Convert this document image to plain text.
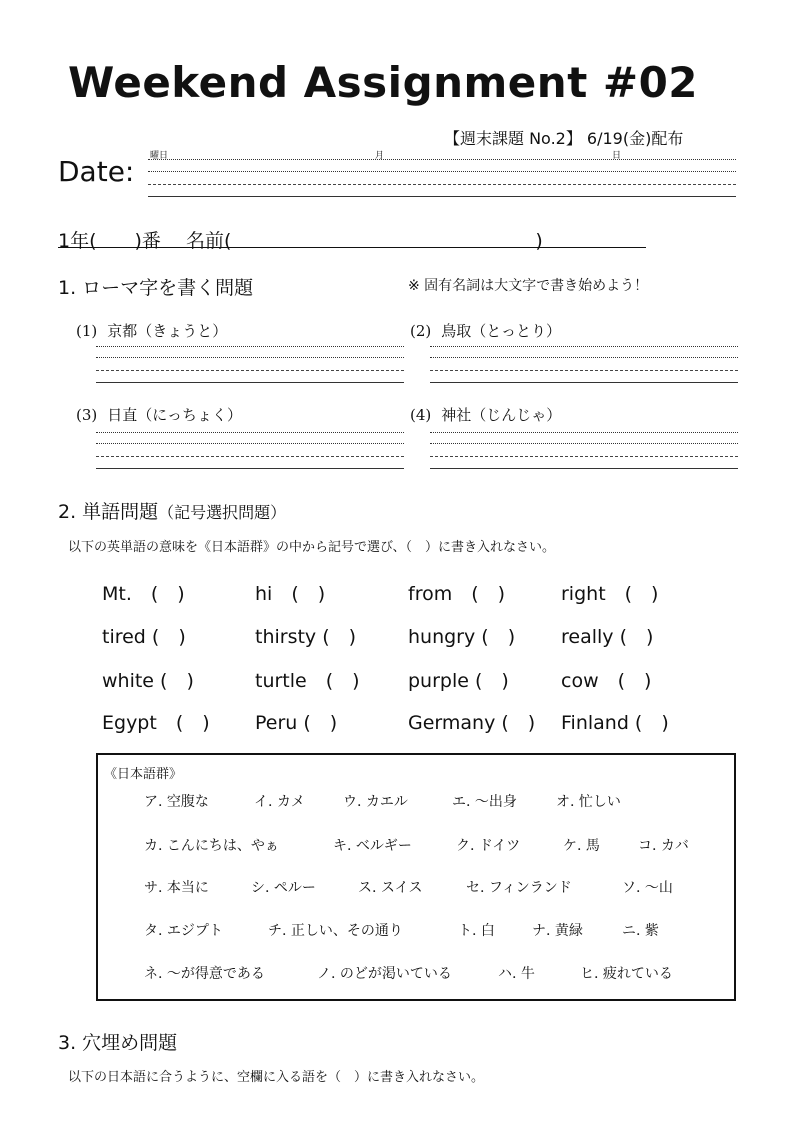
Weekend Assignment #02
【週末課題 No.2】 6/19(金)配布
Date: 曜日	月	日
1年(　　)番　 名前(　　　　　　　　　　　　　　　　)
1. ローマ字を書く問題	※ 固有名詞は大文字で書き始めよう！
(1) 京都（きょうと）	(2) 鳥取（とっとり）
(3) 日直（にっちょく）	(4) 神社（じんじゃ）
2. 単語問題（記号選択問題）
以下の英単語の意味を《日本語群》の中から記号で選び、（　）に書き入れなさい。
Mt.　(　)	hi　(　)	from　(　)	right　(　)
tired (　)	thirsty (　)	hungry (　) really (　)
white (　)	turtle　(　)	purple (　)	cow　(　)
Egypt　(　) Peru (　)	Germany (　) Finland (　)
《日本語群》
ア. 空腹な	イ. カメ	ウ. カエル	エ. ～出身	オ. 忙しい
カ. こんにちは、やぁ	キ. ベルギー	ク. ドイツ	ケ. 馬	コ. カバ
サ. 本当に	シ. ペルー	ス. スイス	セ. フィンランド	ソ. ～山
タ. エジプト	チ. 正しい、その通り	ト. 白	ナ. 黄緑	ニ. 紫
ネ. ～が得意である	ノ. のどが渇いている	ハ. 牛	ヒ. 疲れている
3. 穴埋め問題
以下の日本語に合うように、空欄に入る語を（　）に書き入れなさい。
